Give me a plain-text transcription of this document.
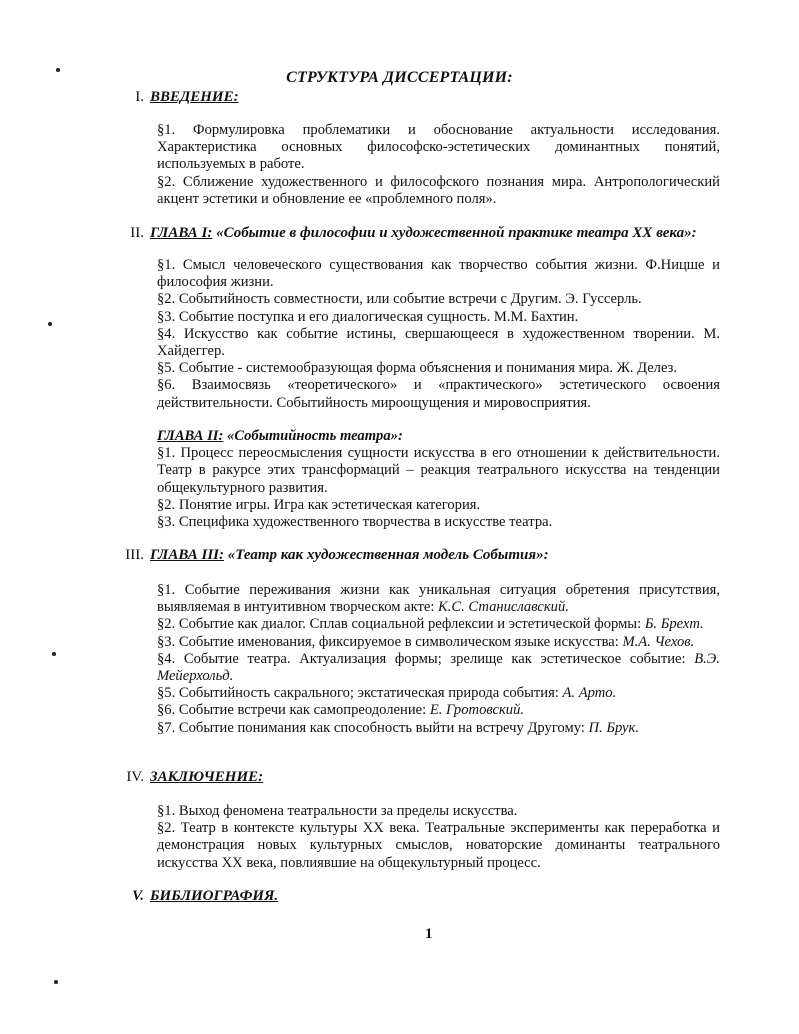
СТРУКТУРА ДИССЕРТАЦИИ:
I. ВВЕДЕНИЕ:

§1. Формулировка проблематики и обоснование актуальности исследования. Характеристика основных философско-эстетических доминантных понятий, используемых в работе.

§2. Сближение художественного и философского познания мира. Антропологический акцент эстетики и обновление ее «проблемного поля».

II. ГЛАВА I: «Событие в философии и художественной практике театра XX века»:

§1. Смысл человеческого существования как творчество события жизни. Ф.Ницше и философия жизни.

§2. Событийность совместности, или событие встречи с Другим. Э. Гуссерль.

§3. Событие поступка и его диалогическая сущность. М.М. Бахтин.

§4. Искусство как событие истины, свершающееся в художественном творении. М. Хайдеггер.

§5. Событие - системообразующая форма объяснения и понимания мира. Ж. Делез.

§6. Взаимосвязь «теоретического» и «практического» эстетического освоения действительности. Событийность мироощущения и мировосприятия.

ГЛАВА II: «Событийность театра»:

§1. Процесс переосмысления сущности искусства в его отношении к действительности. Театр в ракурсе этих трансформаций – реакция театрального искусства на тенденции общекультурного развития.

§2. Понятие игры. Игра как эстетическая категория.

§3. Специфика художественного творчества в искусстве театра.

III. ГЛАВА III: «Театр как художественная модель События»:

§1. Событие переживания жизни как уникальная ситуация обретения присутствия, выявляемая в интуитивном творческом акте: К.С. Станиславский.

§2. Событие как диалог. Сплав социальной рефлексии и эстетической формы: Б. Брехт.

§3. Событие именования, фиксируемое в символическом языке искусства: М.А. Чехов.

§4. Событие театра. Актуализация формы; зрелище как эстетическое событие: В.Э. Мейерхольд.

§5. Событийность сакрального; экстатическая природа события: А. Арто.

§6. Событие встречи как самопреодоление: Е. Гротовский.

§7. Событие понимания как способность выйти на встречу Другому: П. Брук.

IV. ЗАКЛЮЧЕНИЕ:

§1. Выход феномена театральности за пределы искусства.

§2. Театр в контексте культуры XX века. Театральные эксперименты как переработка и демонстрация новых культурных смыслов, новаторские доминанты театрального искусства XX века, повлиявшие на общекультурный процесс.

V. БИБЛИОГРАФИЯ.
1
